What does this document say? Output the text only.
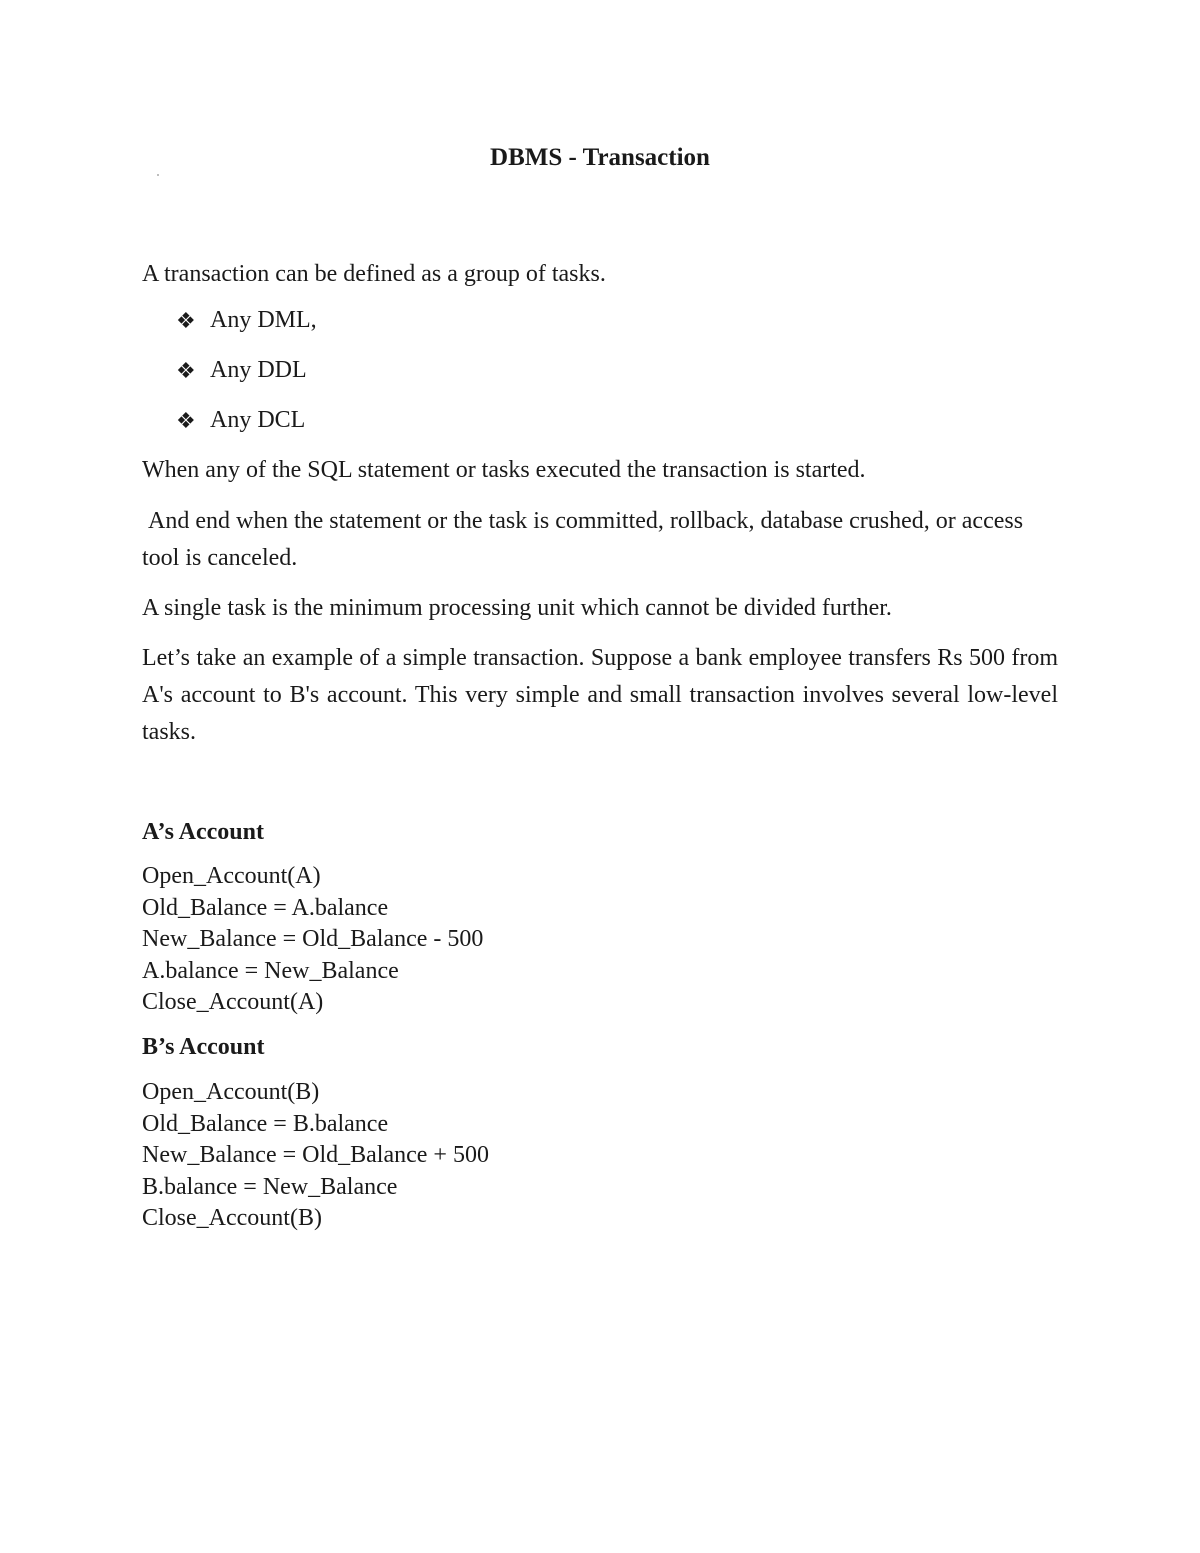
DBMS - Transaction
A transaction can be defined as a group of tasks.
❖ Any DML,
❖ Any DDL
❖ Any DCL
When any of the SQL statement or tasks executed the transaction is started.
And end when the statement or the task is committed, rollback, database crushed, or access tool is canceled.
A single task is the minimum processing unit which cannot be divided further.
Let’s take an example of a simple transaction. Suppose a bank employee transfers Rs 500 from A's account to B's account. This very simple and small transaction involves several low-level tasks.
A’s Account
Open_Account(A)
Old_Balance = A.balance
New_Balance = Old_Balance - 500
A.balance = New_Balance
Close_Account(A)
B’s Account
Open_Account(B)
Old_Balance = B.balance
New_Balance = Old_Balance + 500
B.balance = New_Balance
Close_Account(B)
